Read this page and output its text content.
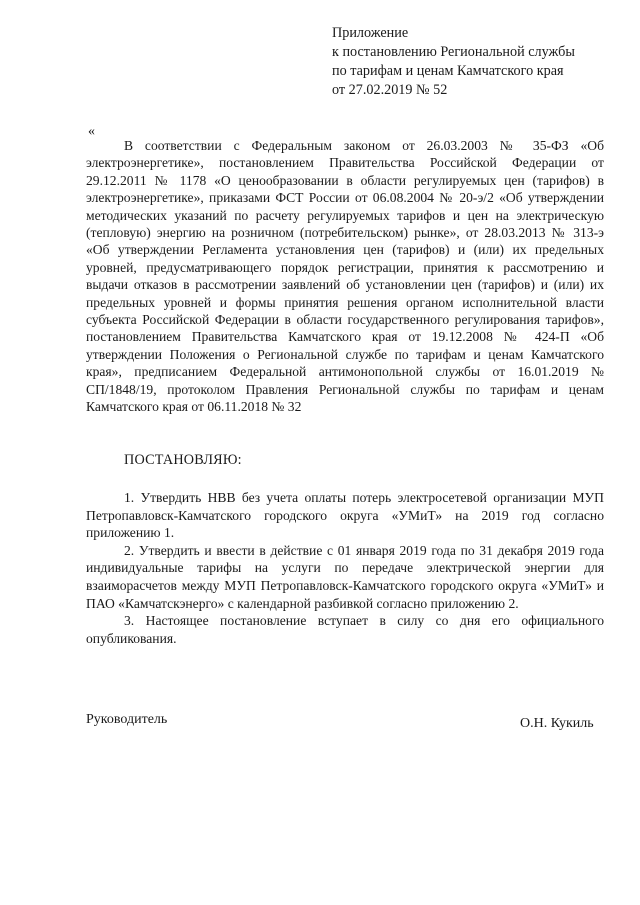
Приложение
к постановлению Региональной службы
по тарифам и ценам Камчатского края
от 27.02.2019 № 52
«

В соответствии с Федеральным законом от 26.03.2003 № 35-ФЗ «Об электроэнергетике», постановлением Правительства Российской Федерации от 29.12.2011 № 1178 «О ценообразовании в области регулируемых цен (тарифов) в электроэнергетике», приказами ФСТ России от 06.08.2004 № 20-э/2 «Об утверждении методических указаний по расчету регулируемых тарифов и цен на электрическую (тепловую) энергию на розничном (потребительском) рынке», от 28.03.2013 № 313-э «Об утверждении Регламента установления цен (тарифов) и (или) их предельных уровней, предусматривающего порядок регистрации, принятия к рассмотрению и выдачи отказов в рассмотрении заявлений об установлении цен (тарифов) и (или) их предельных уровней и формы принятия решения органом исполнительной власти субъекта Российской Федерации в области государственного регулирования тарифов», постановлением Правительства Камчатского края от 19.12.2008 № 424-П «Об утверждении Положения о Региональной службе по тарифам и ценам Камчатского края», предписанием Федеральной антимонопольной службы от 16.01.2019 № СП/1848/19, протоколом Правления Региональной службы по тарифам и ценам Камчатского края от 06.11.2018 № 32

ПОСТАНОВЛЯЮ:
1. Утвердить НВВ без учета оплаты потерь электросетевой организации МУП Петропавловск-Камчатского городского округа «УМиТ» на 2019 год согласно приложению 1.
2. Утвердить и ввести в действие с 01 января 2019 года по 31 декабря 2019 года индивидуальные тарифы на услуги по передаче электрической энергии для взаиморасчетов между МУП Петропавловск-Камчатского городского округа «УМиТ» и ПАО «Камчатскэнерго» с календарной разбивкой согласно приложению 2.
3. Настоящее постановление вступает в силу со дня его официального опубликования.
Руководитель	О.Н. Кукиль
